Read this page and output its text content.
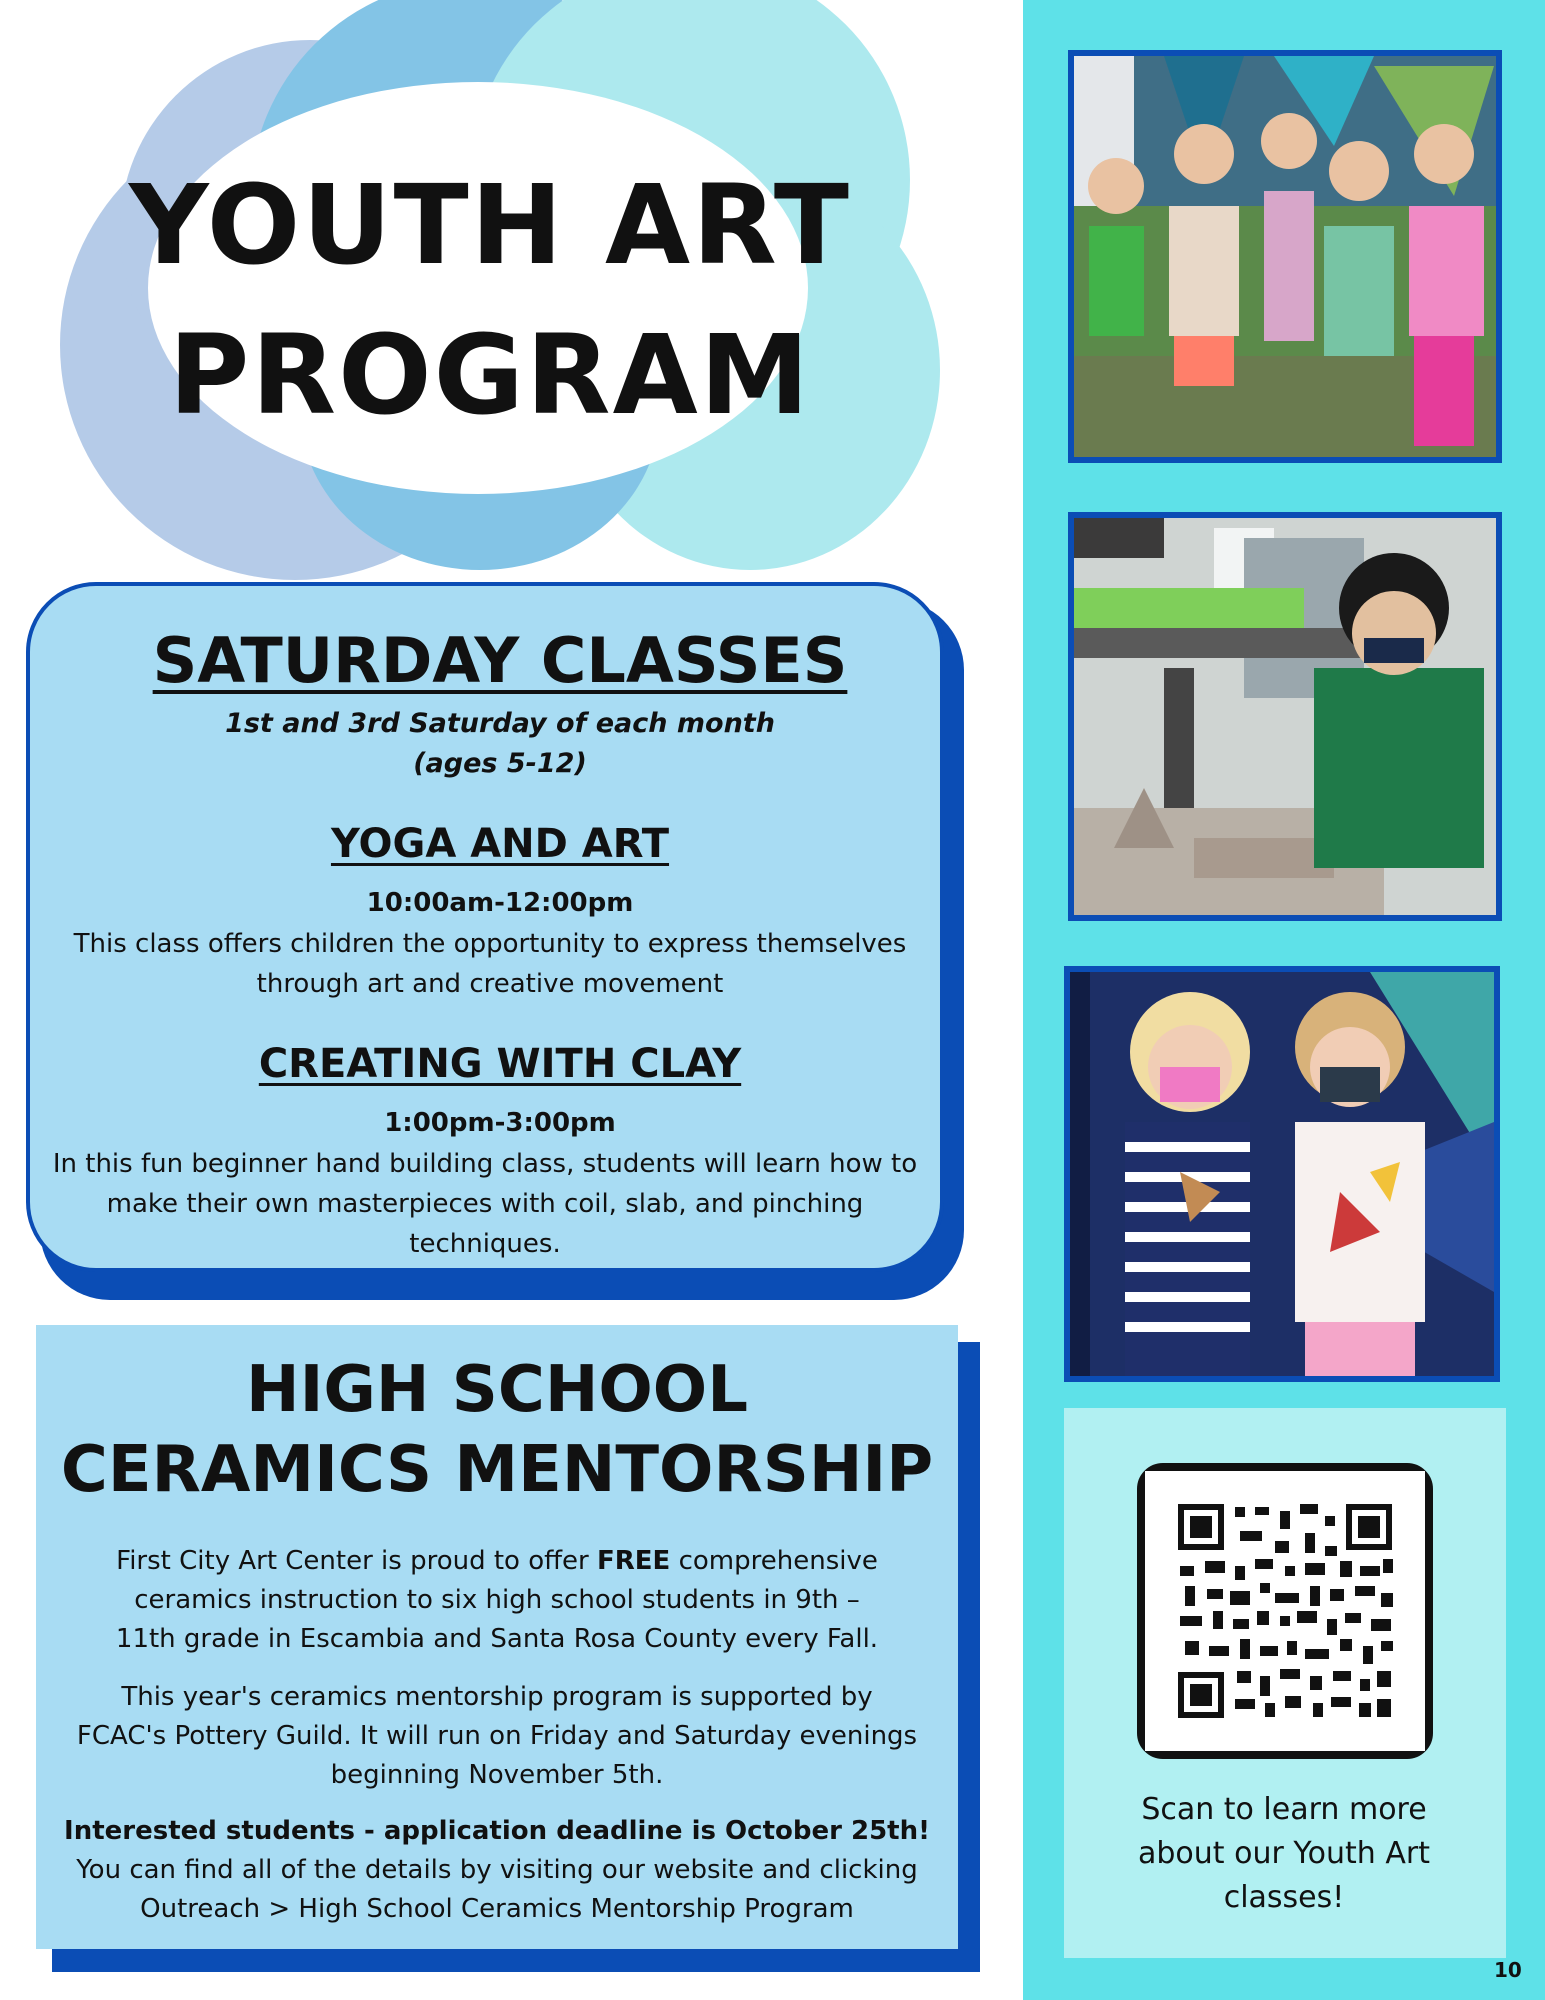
YOUTH ART
PROGRAM
SATURDAY CLASSES
1st and 3rd Saturday of each month
(ages 5-12)
YOGA AND ART
10:00am-12:00pm
This class offers children the opportunity to express themselves through art and creative movement
CREATING WITH CLAY
1:00pm-3:00pm
In this fun beginner hand building class, students will learn how to make their own masterpieces with coil, slab, and pinching techniques.
HIGH SCHOOL
CERAMICS MENTORSHIP
First City Art Center is proud to offer FREE comprehensive ceramics instruction to six high school students in 9th – 11th grade in Escambia and Santa Rosa County every Fall.
This year's ceramics mentorship program is supported by FCAC's Pottery Guild. It will run on Friday and Saturday evenings beginning November 5th.
Interested students - application deadline is October 25th!
You can find all of the details by visiting our website and clicking Outreach > High School Ceramics Mentorship Program
Scan to learn more about our Youth Art classes!
10
